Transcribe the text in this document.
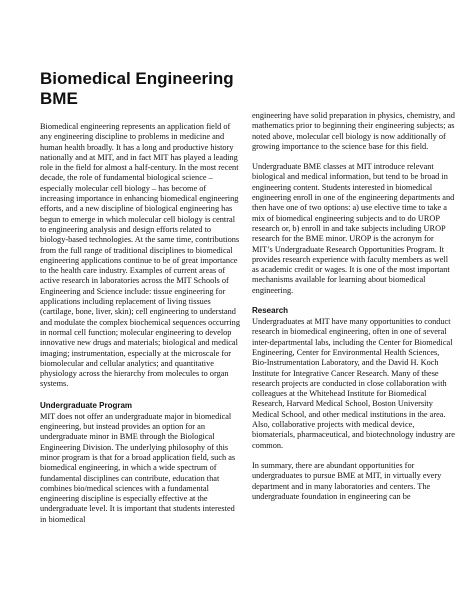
Biomedical Engineering
BME

Biomedical engineering represents an application field of any engineering discipline to problems in medicine and human health broadly. It has a long and productive history nationally and at MIT, and in fact MIT has played a leading role in the field for almost a half-century. In the most recent decade, the role of fundamental biological science – especially molecular cell biology – has become of increasing importance in enhancing biomedical engineering efforts, and a new discipline of biological engineering has begun to emerge in which molecular cell biology is central to engineering analysis and design efforts related to biology-based technologies. At the same time, contributions from the full range of traditional disciplines to biomedical engineering applications continue to be of great importance to the health care industry. Examples of current areas of active research in laboratories across the MIT Schools of Engineering and Science include: tissue engineering for applications including replacement of living tissues (cartilage, bone, liver, skin); cell engineering to understand and modulate the complex biochemical sequences occurring in normal cell function; molecular engineering to develop innovative new drugs and materials; biological and medical imaging; instrumentation, especially at the microscale for biomolecular and cellular analytics; and quantitative physiology across the hierarchy from molecules to organ systems.

Undergraduate Program

MIT does not offer an undergraduate major in biomedical engineering, but instead provides an option for an undergraduate minor in BME through the Biological Engineering Division. The underlying philosophy of this minor program is that for a broad application field, such as biomedical engineering, in which a wide spectrum of fundamental disciplines can contribute, education that combines bio/medical sciences with a fundamental engineering discipline is especially effective at the undergraduate level. It is important that students interested in biomedical

engineering have solid preparation in physics, chemistry, and mathematics prior to beginning their engineering subjects; as noted above, molecular cell biology is now additionally of growing importance to the science base for this field.

Undergraduate BME classes at MIT introduce relevant biological and medical information, but tend to be broad in engineering content. Students interested in biomedical engineering enroll in one of the engineering departments and then have one of two options: a) use elective time to take a mix of biomedical engineering subjects and to do UROP research or, b) enroll in and take subjects including UROP research for the BME minor. UROP is the acronym for MIT’s Undergraduate Research Opportunities Program. It provides research experience with faculty members as well as academic credit or wages. It is one of the most important mechanisms available for learning about biomedical engineering.

Research

Undergraduates at MIT have many opportunities to conduct research in biomedical engineering, often in one of several inter-departmental labs, including the Center for Biomedical Engineering, Center for Environmental Health Sciences, Bio-Instrumentation Laboratory, and the David H. Koch Institute for Integrative Cancer Research. Many of these research projects are conducted in close collaboration with colleagues at the Whitehead Institute for Biomedical Research, Harvard Medical School, Boston University Medical School, and other medical institutions in the area. Also, collaborative projects with medical device, biomaterials, pharmaceutical, and biotechnology industry are common.

In summary, there are abundant opportunities for undergraduates to pursue BME at MIT, in virtually every department and in many laboratories and centers. The undergraduate foundation in engineering can be
